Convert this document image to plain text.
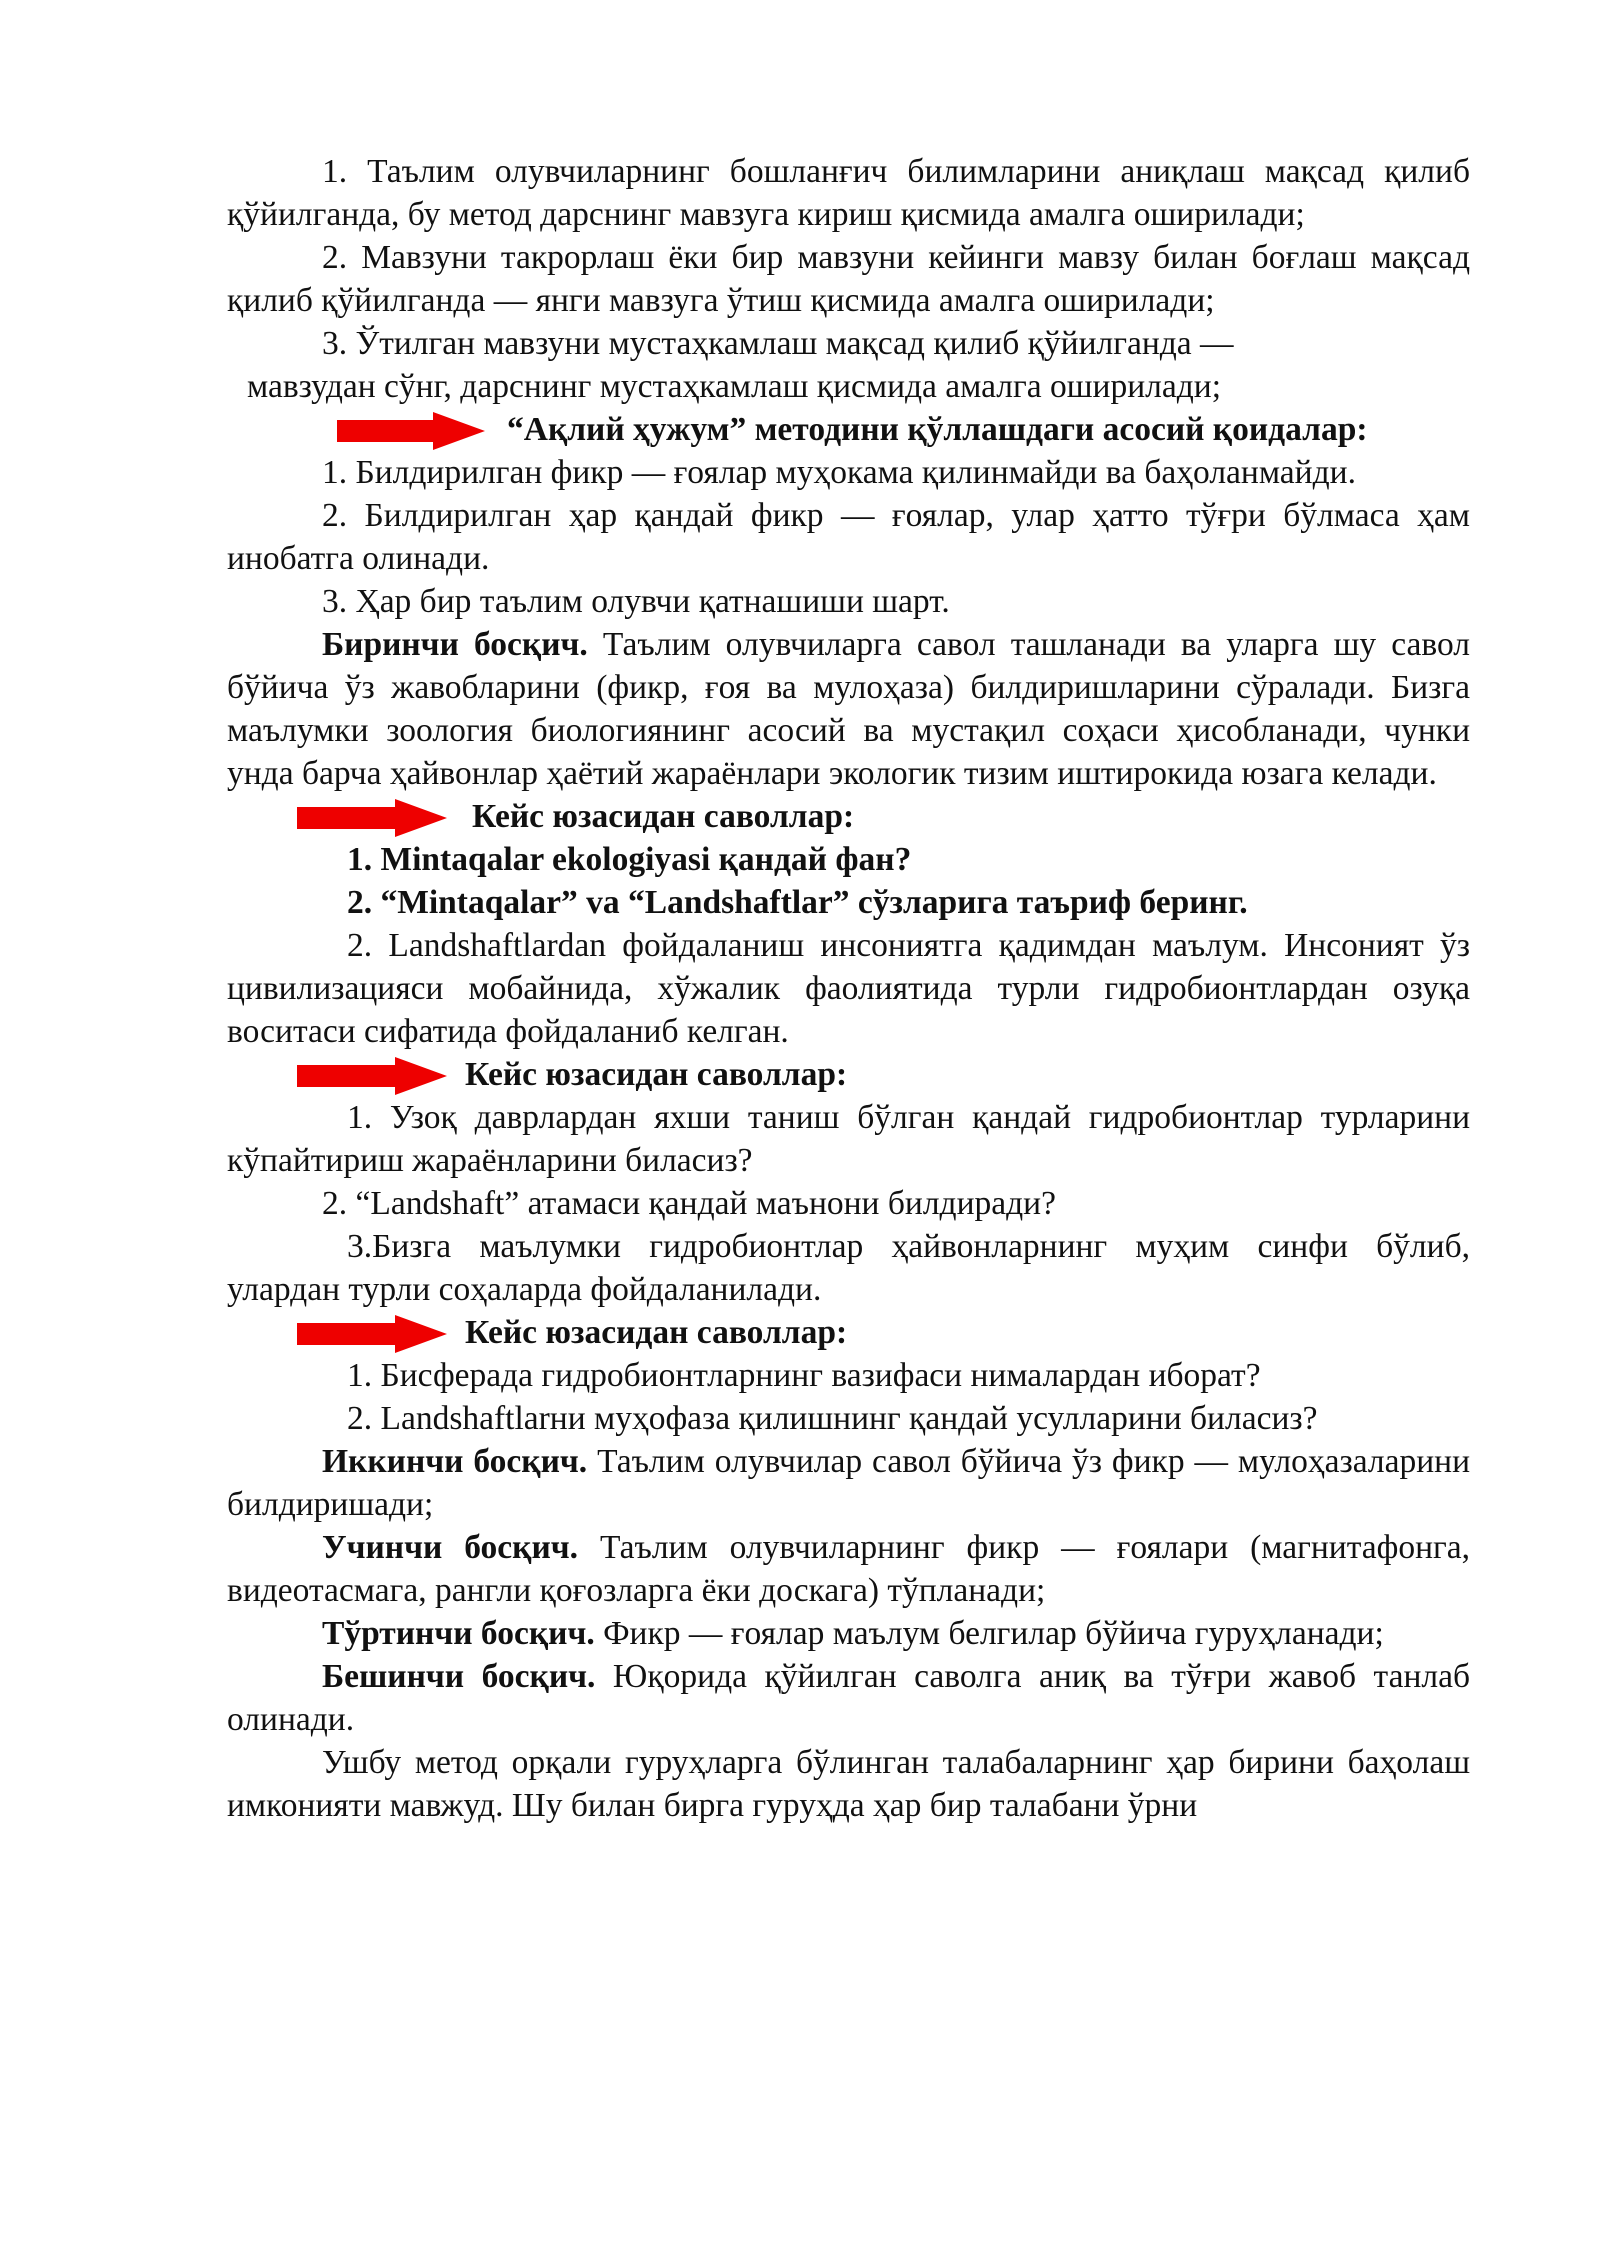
1. Таълим олувчиларнинг бошланғич билимларини аниқлаш мақсад қилиб қўйилганда, бу метод дарснинг мавзуга кириш қисмида амалга оширилади;

2. Мавзуни такрорлаш ёки бир мавзуни кейинги мавзу билан боғлаш мақсад қилиб қўйилганда — янги мавзуга ўтиш қисмида амалга оширилади;

3. Ўтилган мавзуни мустаҳкамлаш мақсад қилиб қўйилганда —

мавзудан сўнг, дарснинг мустаҳкамлаш қисмида амалга оширилади;

“Ақлий ҳужум” методини қўллашдаги асосий қоидалар:

1. Билдирилган фикр — ғоялар муҳокама қилинмайди ва баҳоланмайди.

2. Билдирилган ҳар қандай фикр — ғоялар, улар ҳатто тўғри бўлмаса ҳам инобатга олинади.

3. Ҳар бир таълим олувчи қатнашиши шарт.

Биринчи босқич. Таълим олувчиларга савол ташланади ва уларга шу савол бўйича ўз жавобларини (фикр, ғоя ва мулоҳаза) билдиришларини сўралади. Бизга маълумки зоология биологиянинг асосий ва мустақил соҳаси ҳисобланади, чунки унда барча ҳайвонлар ҳаётий жараёнлари экологик тизим иштирокида юзага келади.

Кейс юзасидан саволлар:

1. Mintaqalar ekologiyasi қандай фан?

2. “Mintaqalar” va “Landshaftlar” сўзларига таъриф беринг.

2. Landshaftlardan фойдаланиш инсониятга қадимдан маълум. Инсоният ўз цивилизацияси мобайнида, хўжалик фаолиятида турли гидробионтлардан озуқа воситаси сифатида фойдаланиб келган.

Кейс юзасидан саволлар:

1. Узоқ даврлардан яхши таниш бўлган қандай гидробионтлар турларини кўпайтириш жараёнларини биласиз?

2. “Landshaft” атамаси қандай маънони билдиради?

3.Бизга маълумки гидробионтлар ҳайвонларнинг муҳим синфи бўлиб, улардан турли соҳаларда фойдаланилади.

Кейс юзасидан саволлар:

1. Бисферада гидробионтларнинг вазифаси нималардан иборат?

2. Landshaftlarни муҳофаза қилишнинг қандай усулларини биласиз?

Иккинчи босқич. Таълим олувчилар савол бўйича ўз фикр — мулоҳазаларини билдиришади;

Учинчи босқич. Таълим олувчиларнинг фикр — ғоялари (магнитафонга, видеотасмага, рангли қоғозларга ёки доскага) тўпланади;

Тўртинчи босқич. Фикр — ғоялар маълум белгилар бўйича гуруҳланади;

Бешинчи босқич. Юқорида қўйилган саволга аниқ ва тўғри жавоб танлаб олинади.

Ушбу метод орқали гуруҳларга бўлинган талабаларнинг ҳар бирини баҳолаш имконияти мавжуд. Шу билан бирга гуруҳда ҳар бир талабани ўрни
